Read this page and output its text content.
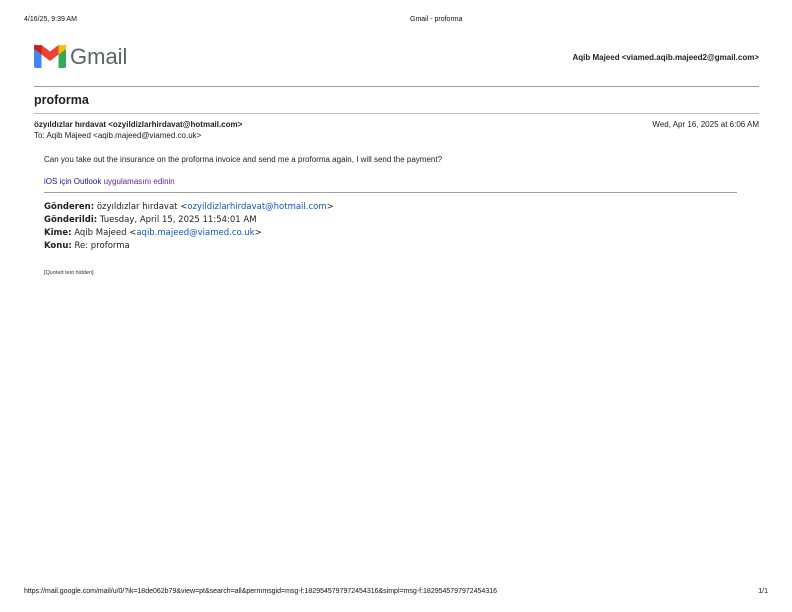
4/16/25, 9:39 AM	Gmail - proforma
Gmail	Aqib Majeed <viamed.aqib.majeed2@gmail.com>
proforma
özyıldızlar hırdavat <ozyildizlarhirdavat@hotmail.com>	Wed, Apr 16, 2025 at 6:06 AM
To: Aqib Majeed <aqib.majeed@viamed.co.uk>
Can you take out the insurance on the proforma invoice and send me a proforma again, I will send the payment?
iOS için Outlook uygulamasını edinin
Gönderen: özyıldızlar hırdavat <ozyildizlarhirdavat@hotmail.com>
Gönderildi: Tuesday, April 15, 2025 11:54:01 AM
Kime: Aqib Majeed <aqib.majeed@viamed.co.uk>
Konu: Re: proforma
[Quoted text hidden]
https://mail.google.com/mail/u/0/?ik=18de062b79&view=pt&search=all&permmsgid=msg-f:1829545797972454316&simpl=msg-f:1829545797972454316	1/1
